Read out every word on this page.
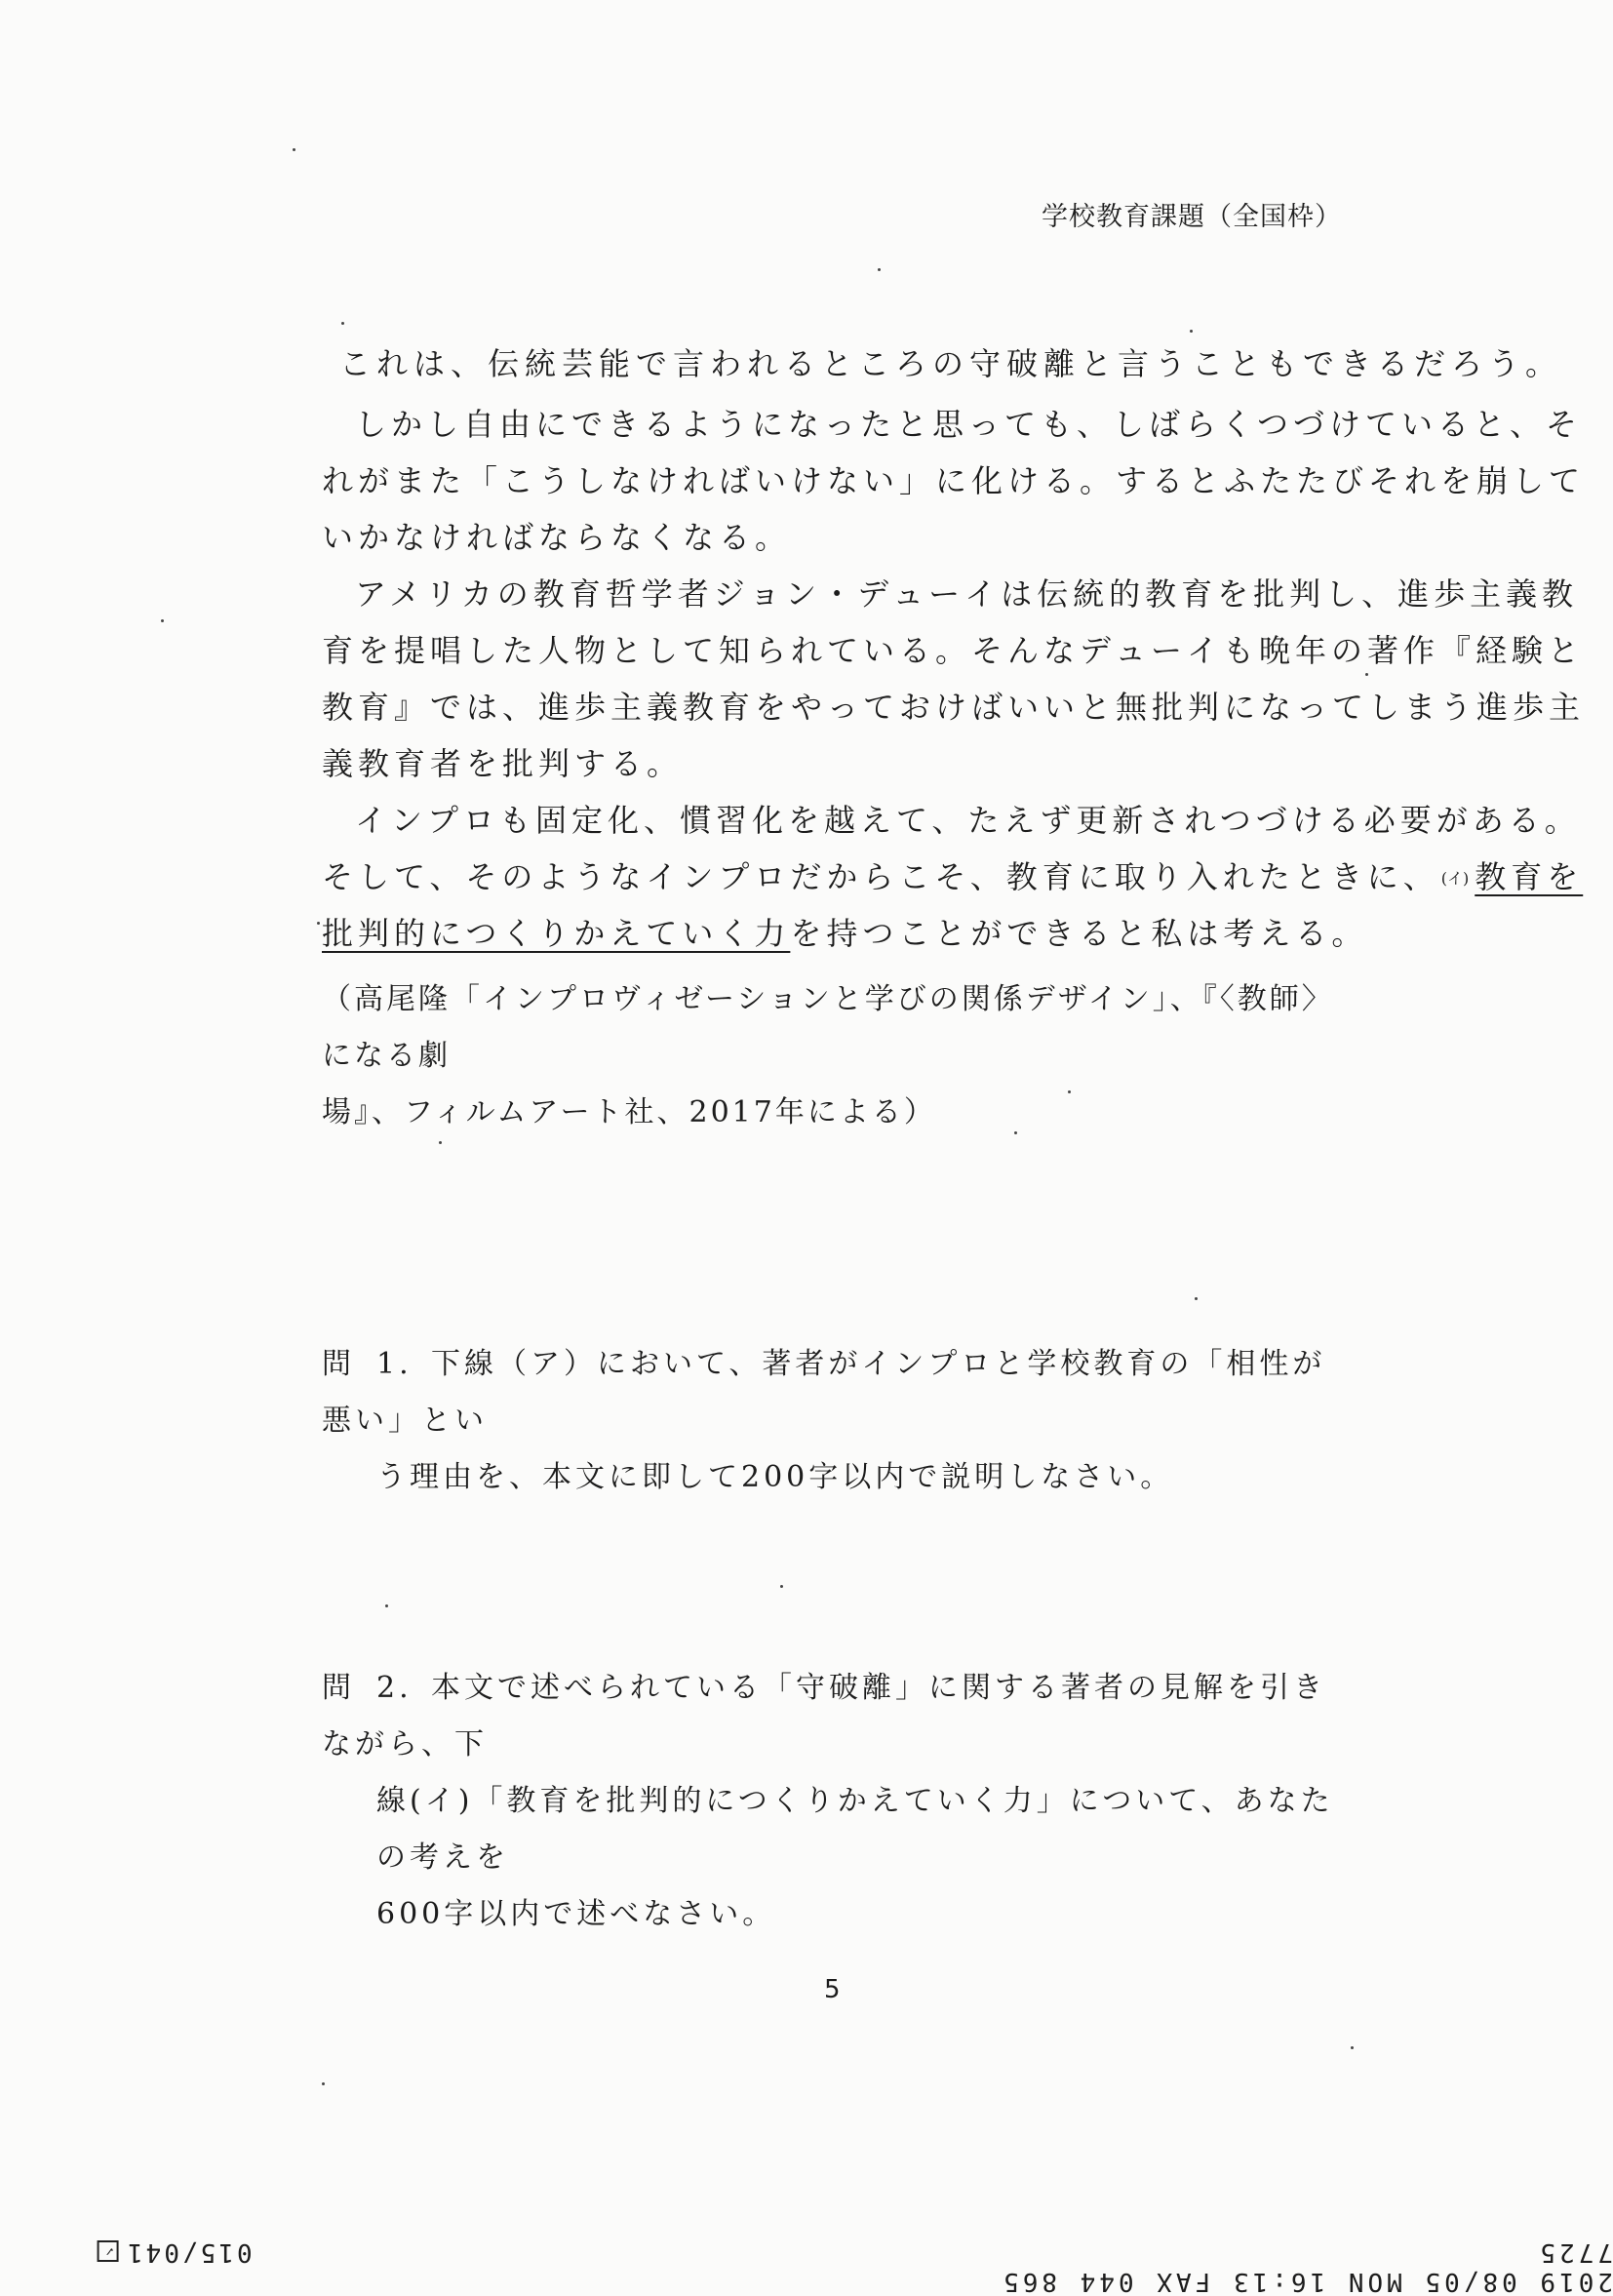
学校教育課題（全国枠）
これは、伝統芸能で言われるところの守破離と言うこともできるだろう。
しかし自由にできるようになったと思っても、しばらくつづけていると、そ
れがまた「こうしなければいけない」に化ける。するとふたたびそれを崩して
いかなければならなくなる。
アメリカの教育哲学者ジョン・デューイは伝統的教育を批判し、進歩主義教
育を提唱した人物として知られている。そんなデューイも晩年の著作『経験と
教育』では、進歩主義教育をやっておけばいいと無批判になってしまう進歩主
義教育者を批判する。
インプロも固定化、慣習化を越えて、たえず更新されつづける必要がある。
そして、そのようなインプロだからこそ、教育に取り入れたときに、 $^{(イ)}$ 教育を
批判的につくりかえていく力を持つことができると私は考える。
（高尾隆「インプロヴィゼーションと学びの関係デザイン」、『〈教師〉になる劇
場』、フィルムアート社、2017年による）
問 1. 下線（ア）において、著者がインプロと学校教育の「相性が悪い」とい
う理由を、本文に即して200字以内で説明しなさい。
問 2. 本文で述べられている「守破離」に関する著者の見解を引きながら、下
線(イ)「教育を批判的につくりかえていく力」について、あなたの考えを
600字以内で述べなさい。
5
2019 08/05 MON 16:13 FAX 044 865 7725
015/041✓
